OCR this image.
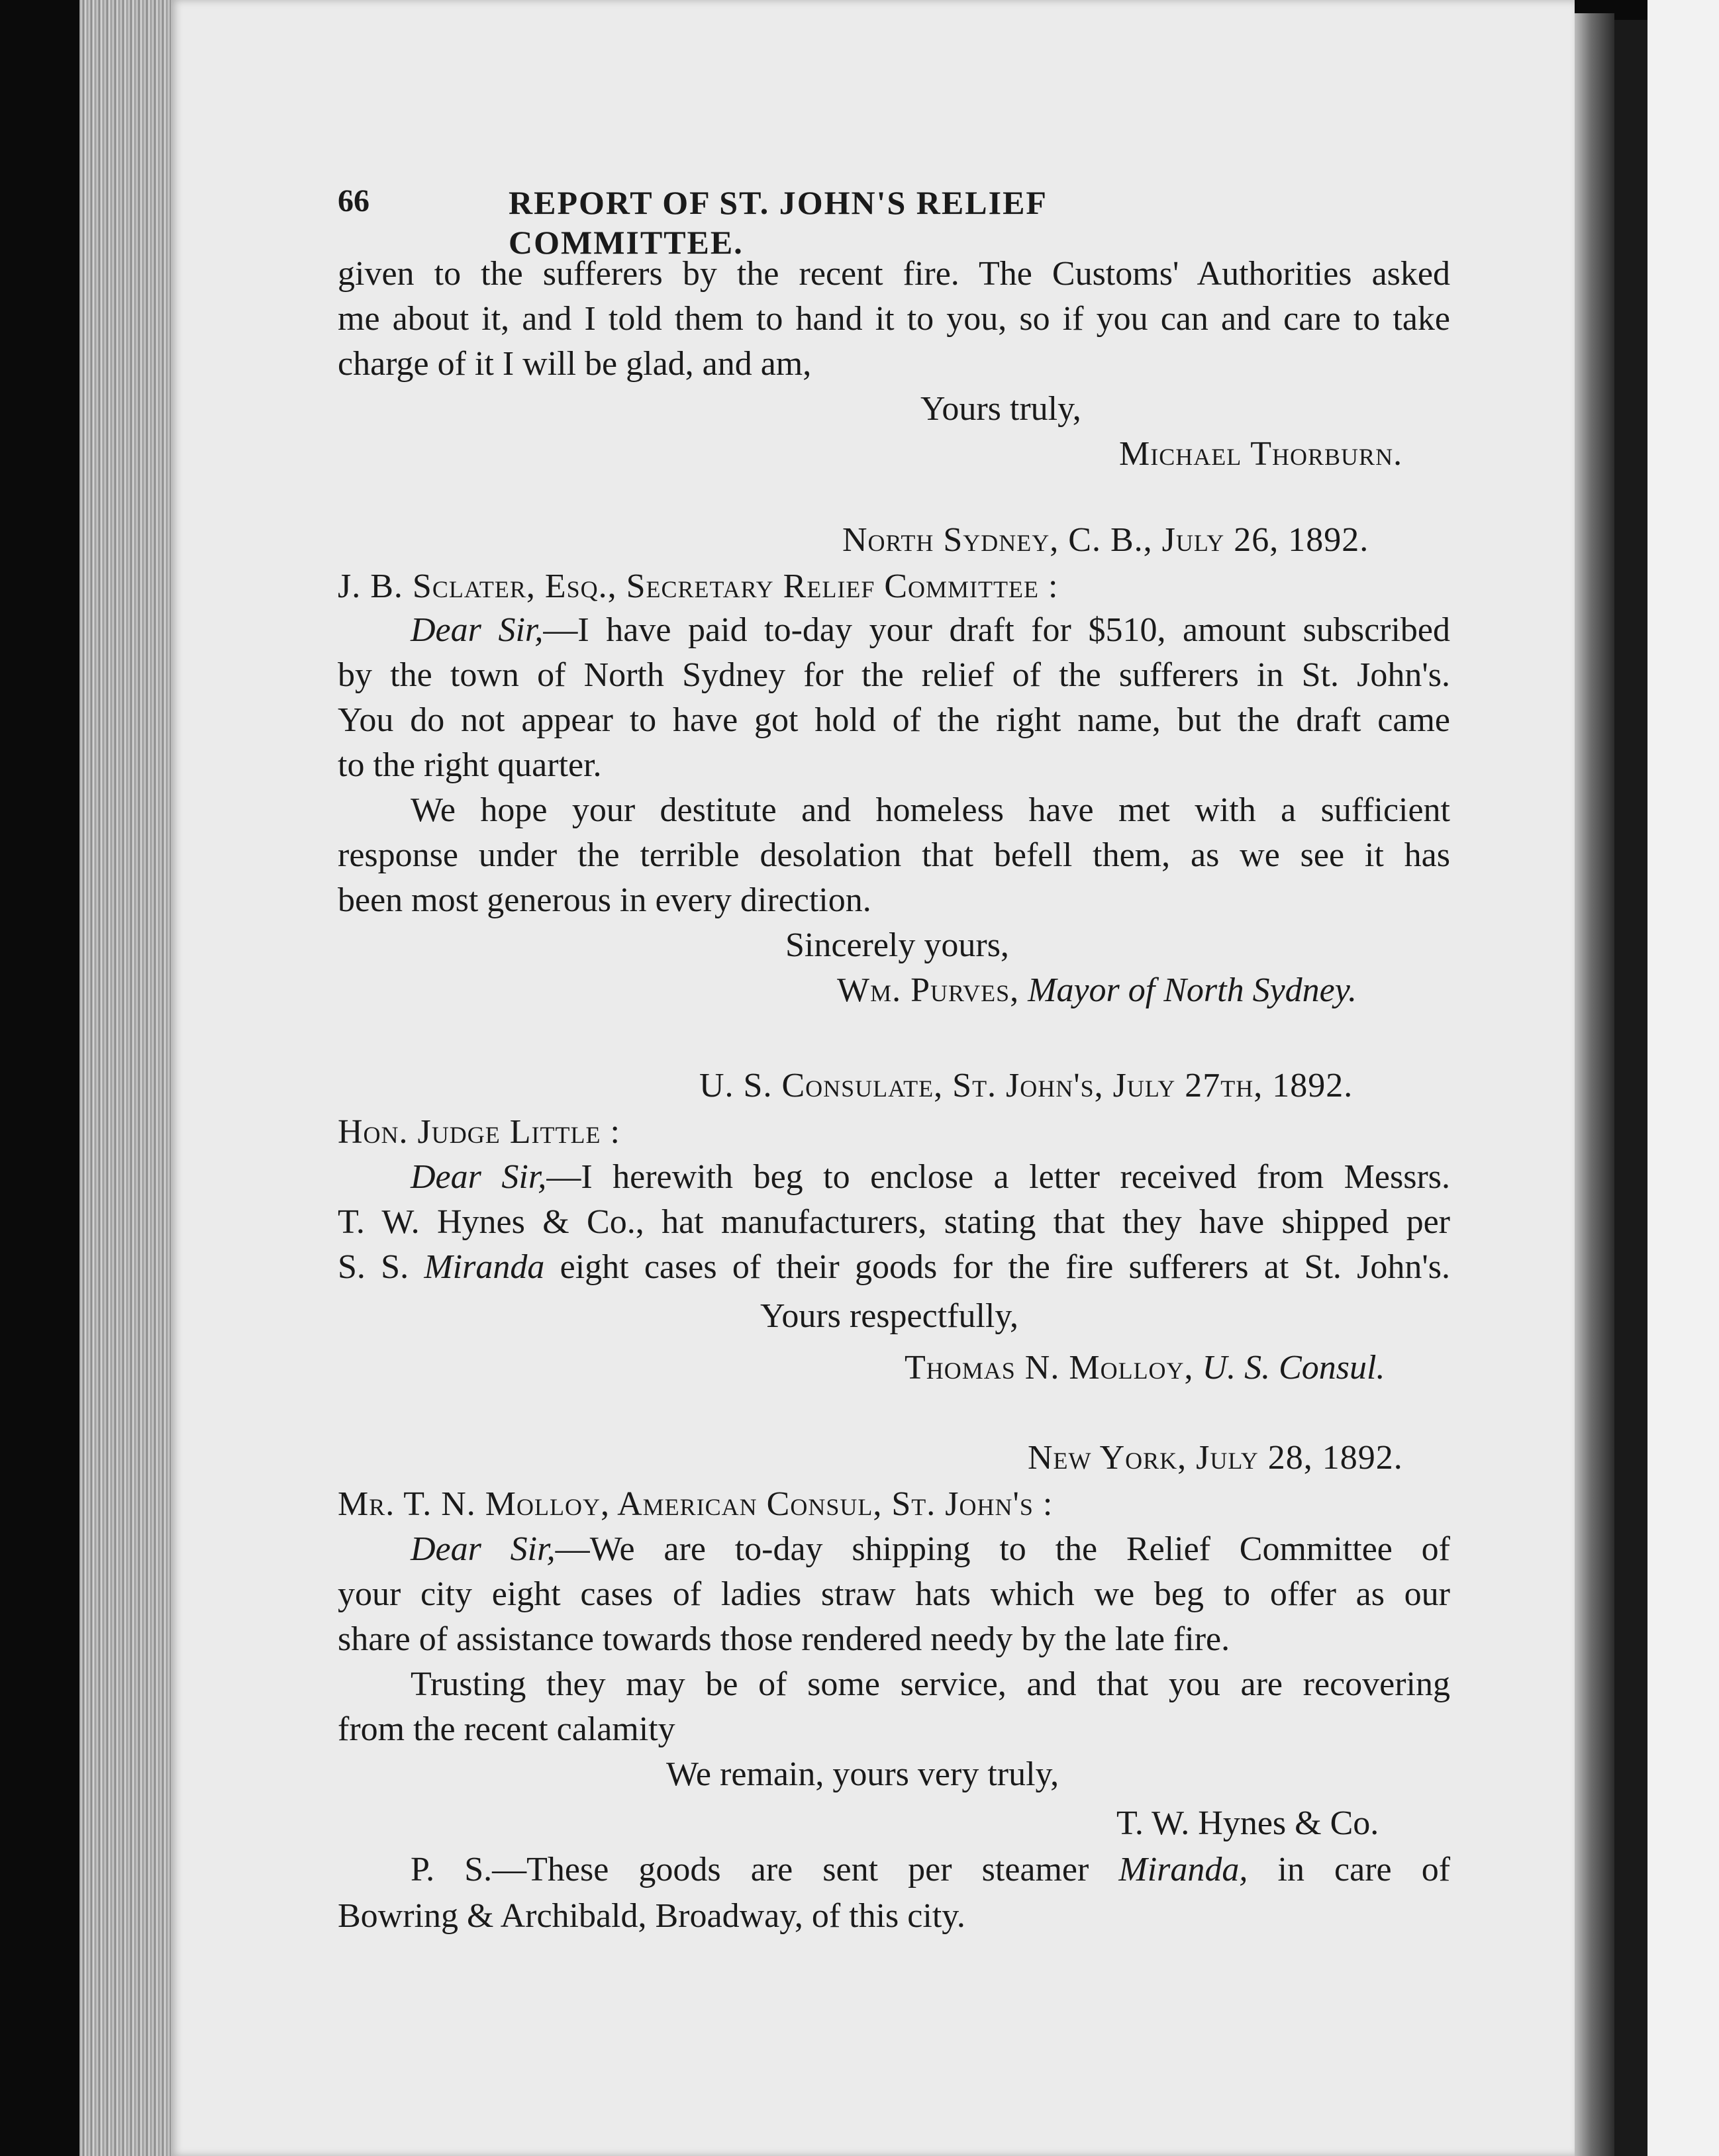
66	REPORT OF ST. JOHN'S RELIEF COMMITTEE.
given to the sufferers by the recent fire. The Customs' Authorities asked
me about it, and I told them to hand it to you, so if you can and care to take
charge of it I will be glad, and am,
Yours truly,
Michael Thorburn.
North Sydney, C. B., July 26, 1892.
J. B. Sclater, Esq., Secretary Relief Committee :
Dear Sir,—I have paid to-day your draft for $510, amount subscribed
by the town of North Sydney for the relief of the sufferers in St. John's.
You do not appear to have got hold of the right name, but the draft came
to the right quarter.
We hope your destitute and homeless have met with a sufficient
response under the terrible desolation that befell them, as we see it has
been most generous in every direction.
Sincerely yours,
Wm. Purves, Mayor of North Sydney.
U. S. Consulate, St. John's, July 27th, 1892.
Hon. Judge Little :
Dear Sir,—I herewith beg to enclose a letter received from Messrs.
T. W. Hynes & Co., hat manufacturers, stating that they have shipped per
S. S. Miranda eight cases of their goods for the fire sufferers at St. John's.
Yours respectfully,
Thomas N. Molloy, U. S. Consul.
New York, July 28, 1892.
Mr. T. N. Molloy, American Consul, St. John's :
Dear Sir,—We are to-day shipping to the Relief Committee of
your city eight cases of ladies straw hats which we beg to offer as our
share of assistance towards those rendered needy by the late fire.
Trusting they may be of some service, and that you are recovering
from the recent calamity
We remain, yours very truly,
T. W. Hynes & Co.
P. S.—These goods are sent per steamer Miranda, in care of
Bowring & Archibald, Broadway, of this city.
